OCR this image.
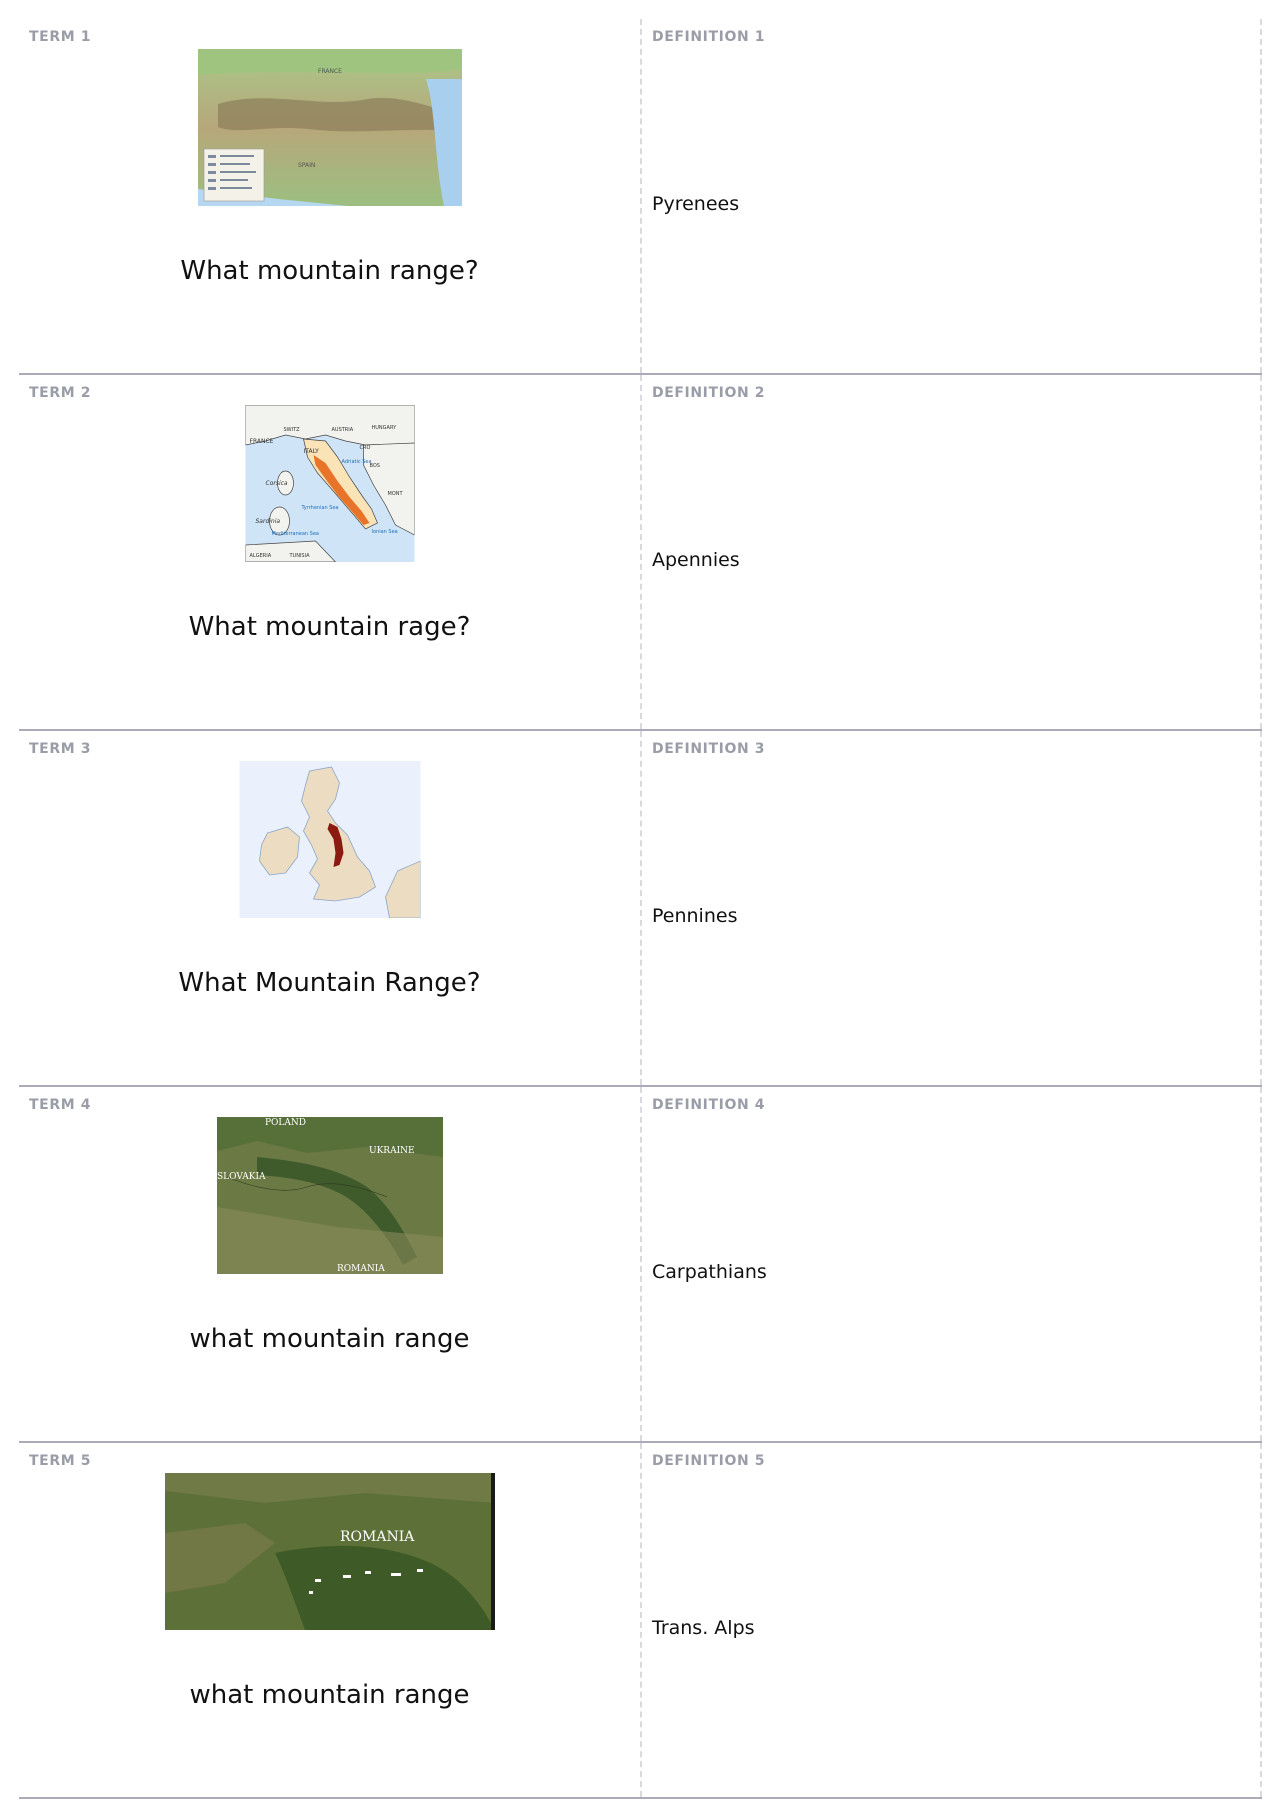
TERM 1
FRANCE
SPAIN
What mountain range?
DEFINITION 1
Pyrenees
TERM 2
FRANCE
SWITZ	AUSTRIA	HUNGARY
ITALY	CRO
BOS
Corsica
Sardinia
Tyrrhenian Sea
Adriatic Sea
Ionian Sea
Mediterranean Sea
ALGERIA	TUNISIA
MONT
What mountain rage?
DEFINITION 2
Apennies
TERM 3
What Mountain Range?
DEFINITION 3
Pennines
TERM 4
POLAND
UKRAINE
SLOVAKIA
ROMANIA
what mountain range
DEFINITION 4
Carpathians
TERM 5
ROMANIA
what mountain range
DEFINITION 5
Trans. Alps
